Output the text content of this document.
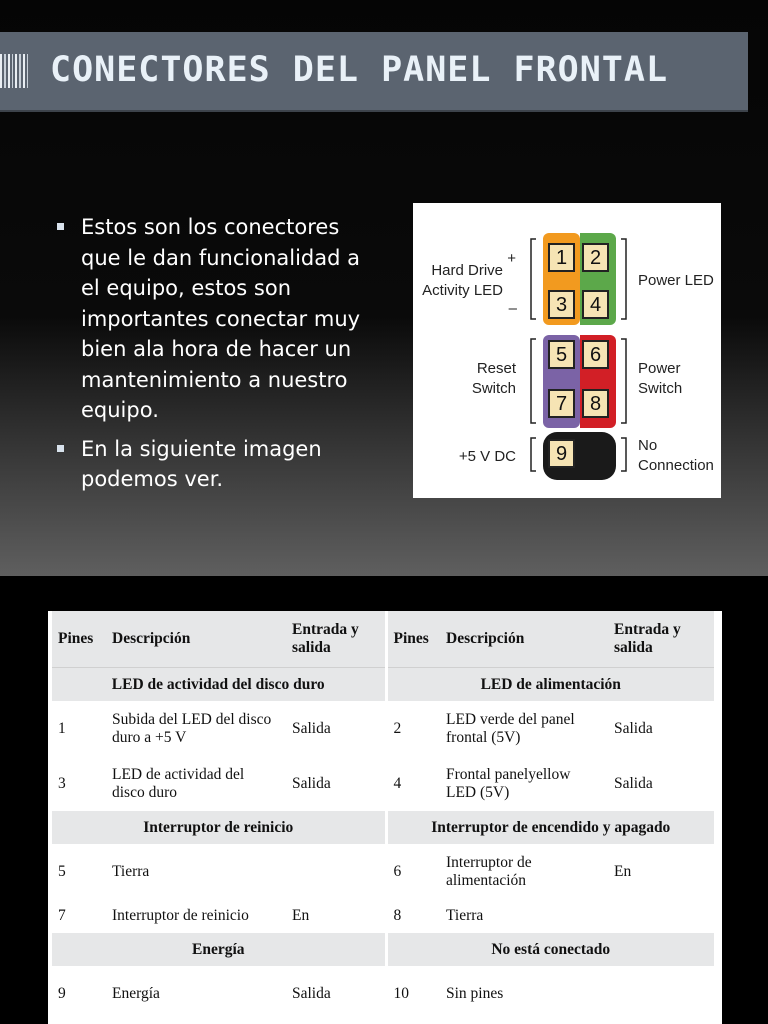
CONECTORES DEL PANEL FRONTAL
Estos son los conectores que le dan funcionalidad a el equipo, estos son importantes conectar muy bien ala hora de hacer un mantenimiento a nuestro equipo.
En la siguiente imagen podemos ver.
1 2
3 4
5 6
7 8
9
Hard Drive
Activity LED
+
–
Reset
Switch
+5 V DC
Power LED
Power
Switch
No
Connection
Pines	Descripción	Entrada y salida	Pines	Descripción	Entrada y salida
LED de actividad del disco duro			LED de alimentación		
1	Subida del LED del disco duro a +5 V	Salida	2	LED verde del panel frontal (5V)	Salida
3	LED de actividad del disco duro	Salida	4	Frontal panelyellow LED (5V)	Salida
Interruptor de reinicio			Interruptor de encendido y apagado		
5	Tierra		6	Interruptor de alimentación	En
7	Interruptor de reinicio	En	8	Tierra	
Energía			No está conectado		
9	Energía	Salida	10	Sin pines	
